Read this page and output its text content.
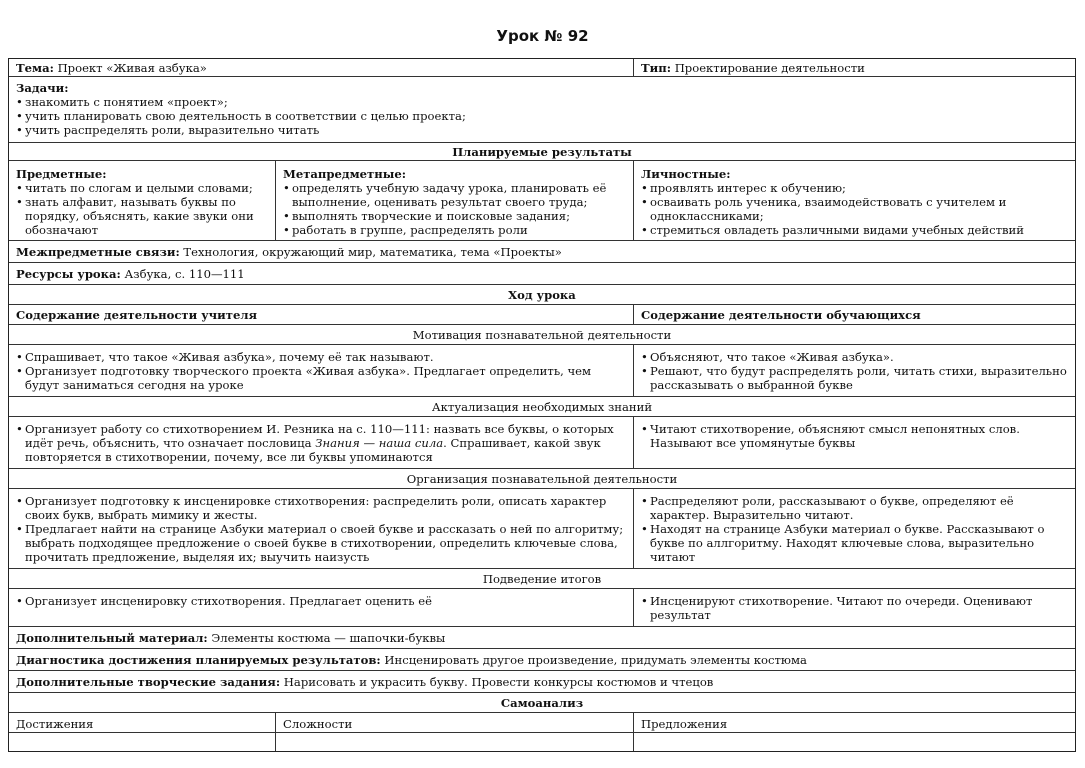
Урок № 92
Тема: Проект «Живая азбука»	Тип: Проектирование деятельности
Задачи:
• знакомить с понятием «проект»;
• учить планировать свою деятельность в соответствии с целью проекта;
• учить распределять роли, выразительно читать
Планируемые результаты
Предметные:
• читать по слогам и целыми словами;
• знать алфавит, называть буквы по порядку, объяснять, какие звуки они обозначают
Метапредметные:
• определять учебную задачу урока, планировать её выполнение, оценивать результат своего труда;
• выполнять творческие и поисковые задания;
• работать в группе, распределять роли
Личностные:
• проявлять интерес к обучению;
• осваивать роль ученика, взаимодействовать с учителем и одноклассниками;
• стремиться овладеть различными видами учебных действий
Межпредметные связи: Технология, окружающий мир, математика, тема «Проекты»
Ресурсы урока: Азбука, с. 110—111
Ход урока
Содержание деятельности учителя	Содержание деятельности обучающихся
Мотивация познавательной деятельности
• Спрашивает, что такое «Живая азбука», почему её так называют.
• Организует подготовку творческого проекта «Живая азбука». Предлагает определить, чем будут заниматься сегодня на уроке
• Объясняют, что такое «Живая азбука».
• Решают, что будут распределять роли, читать стихи, выразительно рассказывать о выбранной букве
Актуализация необходимых знаний
• Организует работу со стихотворением И. Резника на с. 110—111: назвать все буквы, о которых идёт речь, объяснить, что означает пословица Знания — наша сила. Спрашивает, какой звук повторяется в стихотворении, почему, все ли буквы упоминаются
• Читают стихотворение, объясняют смысл непонятных слов. Называют все упомянутые буквы
Организация познавательной деятельности
• Организует подготовку к инсценировке стихотворения: распределить роли, описать характер своих букв, выбрать мимику и жесты.
• Предлагает найти на странице Азбуки материал о своей букве и рассказать о ней по алгоритму; выбрать подходящее предложение о своей букве в стихотворении, определить ключевые слова, прочитать предложение, выделяя их; выучить наизусть
• Распределяют роли, рассказывают о букве, определяют её характер. Выразительно читают.
• Находят на странице Азбуки материал о букве. Рассказывают о букве по аллгоритму. Находят ключевые слова, выразительно читают
Подведение итогов
• Организует инсценировку стихотворения. Предлагает оценить её
•	Инсценируют стихотворение. Читают по очереди. Оценивают результат
Дополнительный материал: Элементы костюма — шапочки-буквы
Диагностика достижения планируемых результатов: Инсценировать другое произведение, придумать элементы костюма
Дополнительные творческие задания: Нарисовать и украсить букву. Провести конкурсы костюмов и чтецов
Самоанализ
Достижения	Сложности	Предложения
